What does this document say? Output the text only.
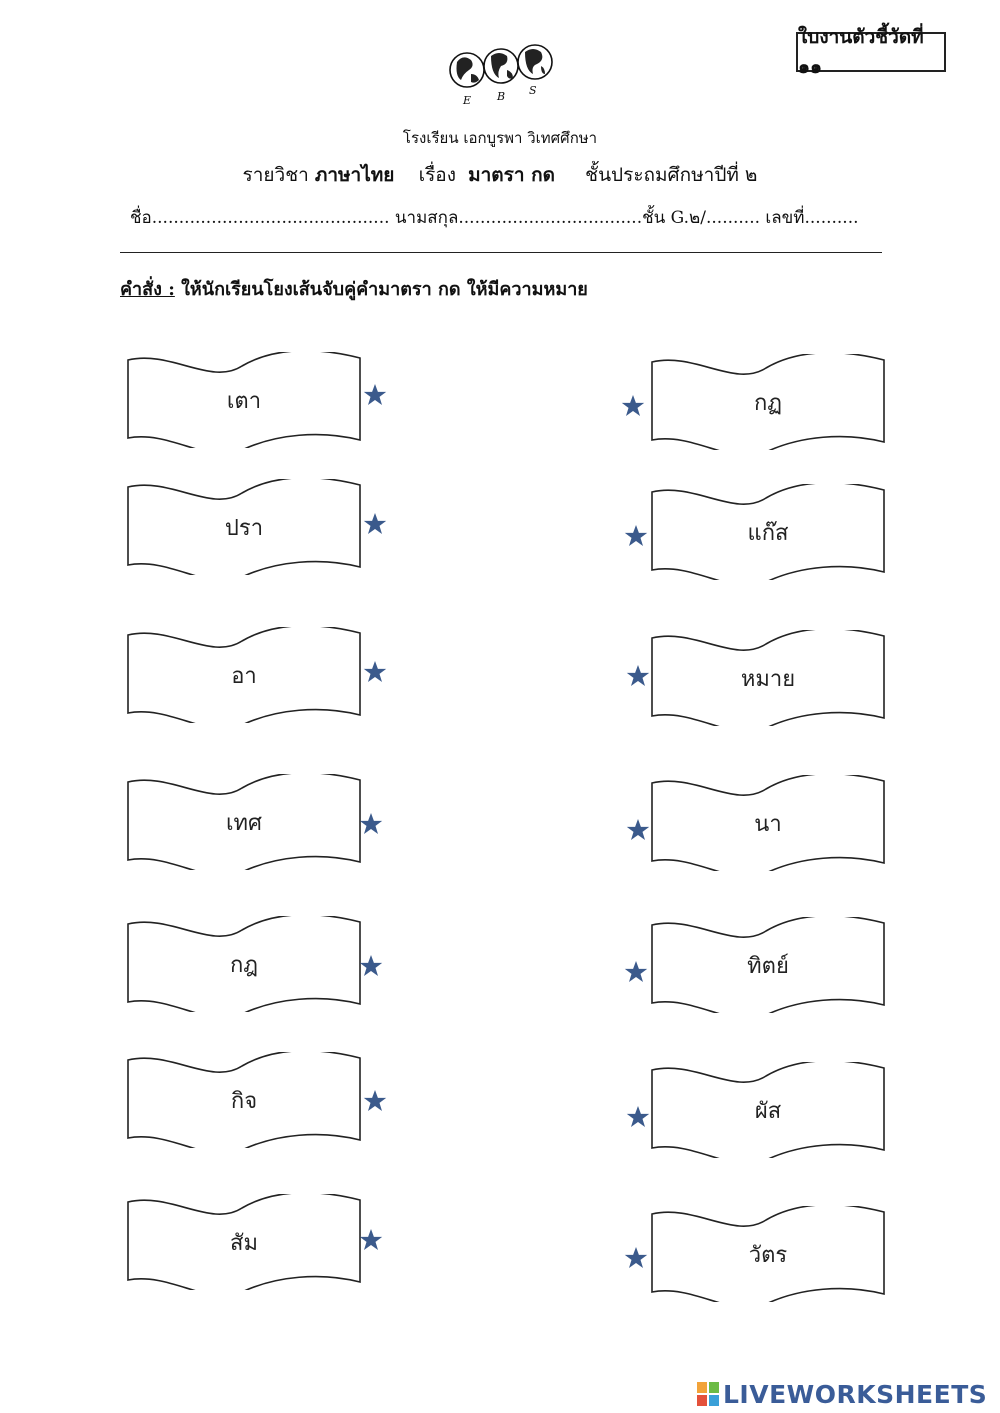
ใบงานตัวชี้วัดที่ ๑๑
E B S
โรงเรียน เอกบูรพา วิเทศศึกษา
รายวิชา ภาษาไทย เรื่อง มาตรา กด ชั้นประถมศึกษาปีที่ ๒
ชื่อ............................................ นามสกุล..................................ชั้น G.๒/.......... เลขที่..........
คำสั่ง : ให้นักเรียนโยงเส้นจับคู่คำมาตรา กด ให้มีความหมาย
เตา
ปรา
อา
เทศ
กฎ
กิจ
สัม
กฏ
แก๊ส
หมาย
นา
ทิตย์
ผัส
วัตร
LIVEWORKSHEETS
